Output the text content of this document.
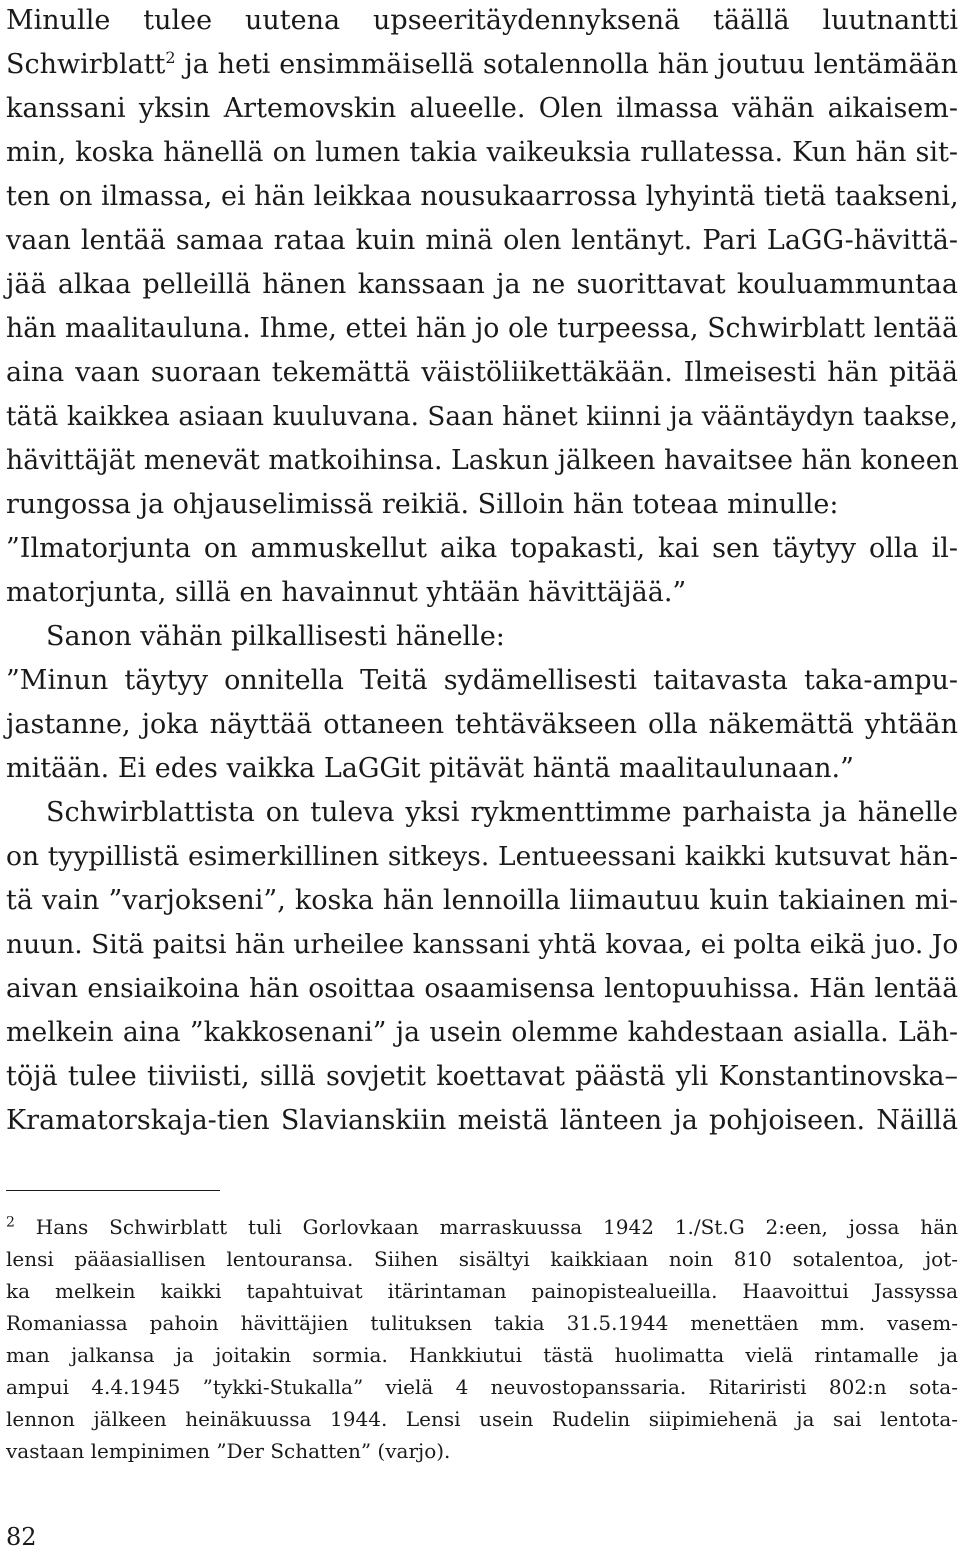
Minulle tulee uutena upseeritäydennyksenä täällä luutnantti
Schwirblatt$^2$ ja heti ensimmäisellä sotalennolla hän joutuu lentämään
kanssani yksin Artemovskin alueelle. Olen ilmassa vähän aikaisem-
min, koska hänellä on lumen takia vaikeuksia rullatessa. Kun hän sit-
ten on ilmassa, ei hän leikkaa nousukaarrossa lyhyintä tietä taakseni,
vaan lentää samaa rataa kuin minä olen lentänyt. Pari LaGG-hävittä-
jää alkaa pelleillä hänen kanssaan ja ne suorittavat kouluammuntaa
hän maalitauluna. Ihme, ettei hän jo ole turpeessa, Schwirblatt lentää
aina vaan suoraan tekemättä väistöliikettäkään. Ilmeisesti hän pitää
tätä kaikkea asiaan kuuluvana. Saan hänet kiinni ja vääntäydyn taakse,
hävittäjät menevät matkoihinsa. Laskun jälkeen havaitsee hän koneen
rungossa ja ohjauselimissä reikiä. Silloin hän toteaa minulle:
”Ilmatorjunta on ammuskellut aika topakasti, kai sen täytyy olla il-
matorjunta, sillä en havainnut yhtään hävittäjää.”
Sanon vähän pilkallisesti hänelle:
”Minun täytyy onnitella Teitä sydämellisesti taitavasta taka-ampu-
jastanne, joka näyttää ottaneen tehtäväkseen olla näkemättä yhtään
mitään. Ei edes vaikka LaGGit pitävät häntä maalitaulunaan.”
Schwirblattista on tuleva yksi rykmenttimme parhaista ja hänelle
on tyypillistä esimerkillinen sitkeys. Lentueessani kaikki kutsuvat hän-
tä vain ”varjokseni”, koska hän lennoilla liimautuu kuin takiainen mi-
nuun. Sitä paitsi hän urheilee kanssani yhtä kovaa, ei polta eikä juo. Jo
aivan ensiaikoina hän osoittaa osaamisensa lentopuuhissa. Hän lentää
melkein aina ”kakkosenani” ja usein olemme kahdestaan asialla. Läh-
töjä tulee tiiviisti, sillä sovjetit koettavat päästä yli Konstantinovska–
Kramatorskaja-tien Slavianskiin meistä länteen ja pohjoiseen. Näillä
$^2$ Hans Schwirblatt tuli Gorlovkaan marraskuussa 1942 1./St.G 2:een, jossa hän
lensi pääasiallisen lentouransa. Siihen sisältyi kaikkiaan noin 810 sotalentoa, jot-
ka melkein kaikki tapahtuivat itärintaman painopistealueilla. Haavoittui Jassyssa
Romaniassa pahoin hävittäjien tulituksen takia 31.5.1944 menettäen mm. vasem-
man jalkansa ja joitakin sormia. Hankkiutui tästä huolimatta vielä rintamalle ja
ampui 4.4.1945 ”tykki-Stukalla” vielä 4 neuvostopanssaria. Ritariristi 802:n sota-
lennon jälkeen heinäkuussa 1944. Lensi usein Rudelin siipimiehenä ja sai lentota-
vastaan lempinimen ”Der Schatten” (varjo).
82
